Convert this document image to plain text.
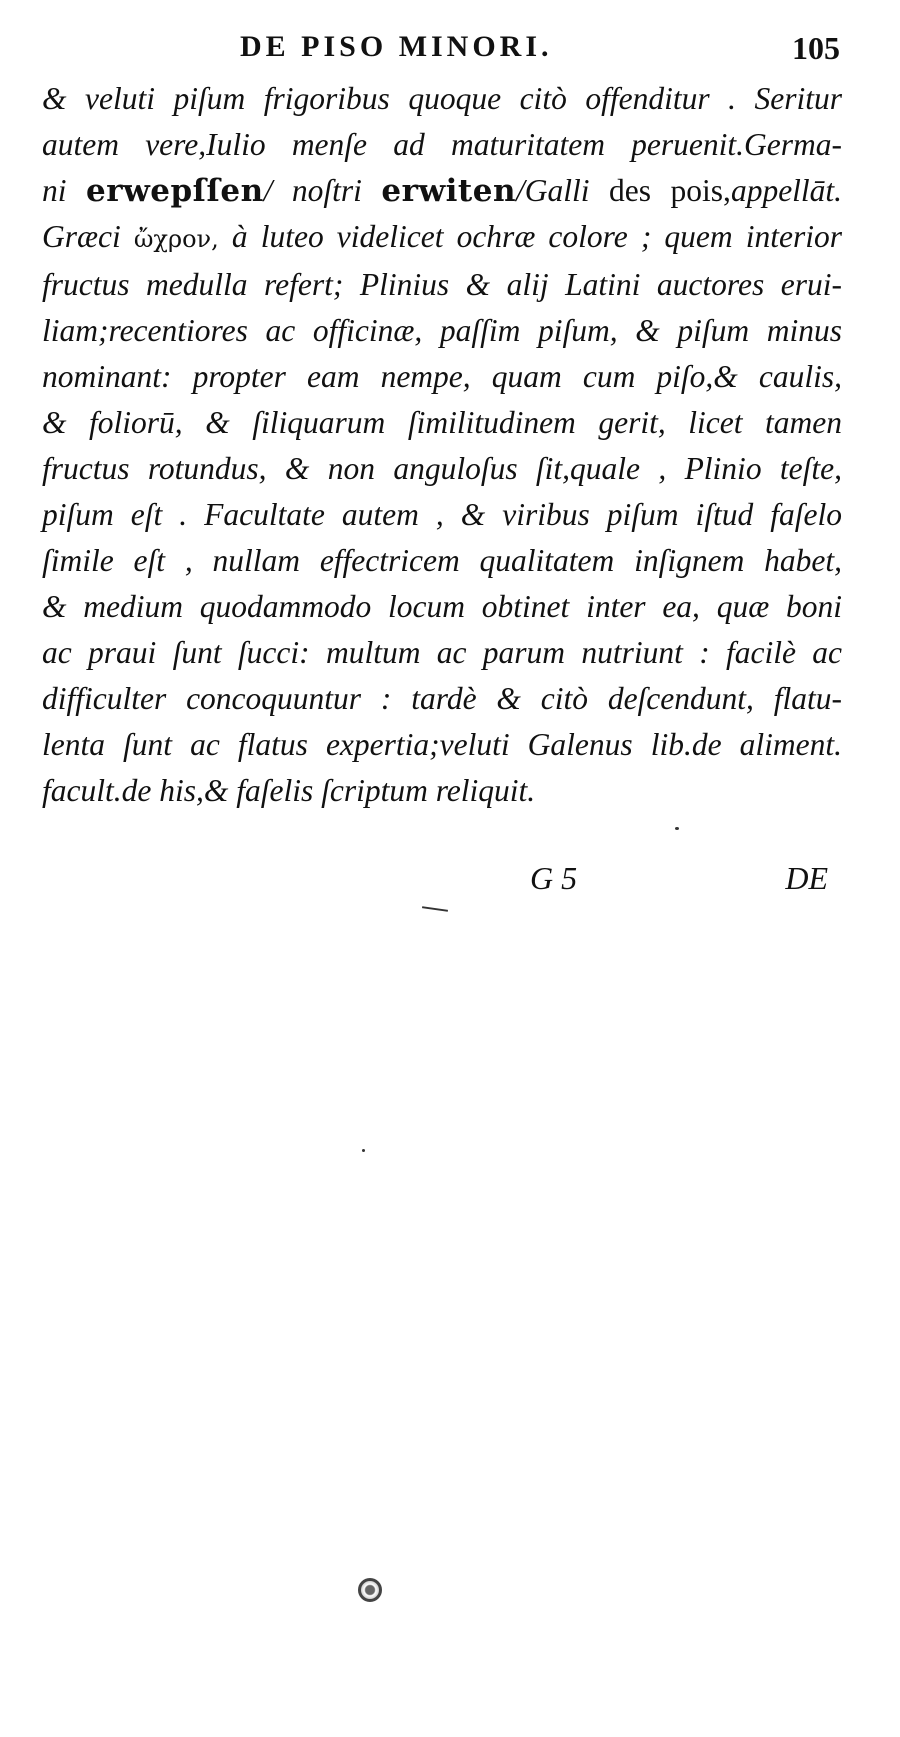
DE PISO MINORI.	105
& veluti piſum frigoribus quoque citò offenditur . Seritur
autem vere,Iulio menſe ad maturitatem peruenit.Germa-
ni erwepſſen/ noſtri erwiten/Galli des pois,appellāt.
Græci ὤχρον, à luteo videlicet ochræ colore ; quem interior
fructus medulla refert; Plinius & alij Latini auctores erui-
liam;recentiores ac officinæ, paſſim piſum, & piſum minus
nominant: propter eam nempe, quam cum piſo,& caulis,
& foliorū, & ſiliquarum ſimilitudinem gerit, licet tamen
fructus rotundus, & non anguloſus ſit,quale , Plinio teſte,
piſum eſt . Facultate autem , & viribus piſum iſtud faſelo
ſimile eſt , nullam effectricem qualitatem inſignem habet,
& medium quodammodo locum obtinet inter ea, quæ boni
ac praui ſunt ſucci: multum ac parum nutriunt : facilè ac
difficulter concoquuntur : tardè & citò deſcendunt, flatu-
lenta ſunt ac flatus expertia;veluti Galenus lib.de aliment.
facult.de his,& faſelis ſcriptum reliquit.
G 5	DE
